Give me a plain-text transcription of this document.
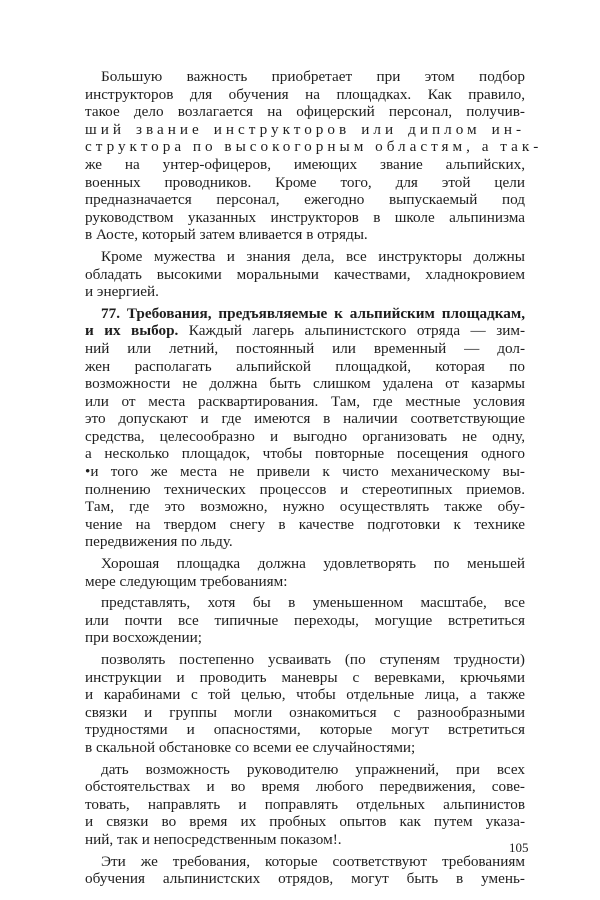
Большую важность приобретает при этом подбор
инструкторов для обучения на площадках. Как правило,
такое дело возлагается на офицерский персонал, получив-
ший звание инструкторов или диплом ин-
структора по высокогорным областям, а так-
же на унтер-офицеров, имеющих звание альпийских,
военных проводников. Кроме того, для этой цели
предназначается персонал, ежегодно выпускаемый под
руководством указанных инструкторов в школе альпинизма
в Аосте, который затем вливается в отряды.

Кроме мужества и знания дела, все инструкторы должны
обладать высокими моральными качествами, хладнокровием
и энергией.

77. Требования, предъявляемые к альпийским площадкам,
и их выбор. Каждый лагерь альпинистского отряда — зим-
ний или летний, постоянный или временный — дол-
жен располагать альпийской площадкой, которая по
возможности не должна быть слишком удалена от казармы
или от места расквартирования. Там, где местные условия
это допускают и где имеются в наличии соответствующие
средства, целесообразно и выгодно организовать не одну,
а несколько площадок, чтобы повторные посещения одного
•и того же места не привели к чисто механическому вы-
полнению технических процессов и стереотипных приемов.
Там, где это возможно, нужно осуществлять также обу-
чение на твердом снегу в качестве подготовки к технике
передвижения по льду.

Хорошая площадка должна удовлетворять по меньшей
мере следующим требованиям:

представлять, хотя бы в уменьшенном масштабе, все
или почти все типичные переходы, могущие встретиться
при восхождении;

позволять постепенно усваивать (по ступеням трудности)
инструкции и проводить маневры с веревками, крючьями
и карабинами с той целью, чтобы отдельные лица, а также
связки и группы могли ознакомиться с разнообразными
трудностями и опасностями, которые могут встретиться
в скальной обстановке со всеми ее случайностями;

дать возможность руководителю упражнений, при всех
обстоятельствах и во время любого передвижения, сове-
товать, направлять и поправлять отдельных альпинистов
и связки во время их пробных опытов как путем указа-
ний, так и непосредственным показом!.

Эти же требования, которые соответствуют требованиям
обучения альпинистских отрядов, могут быть в умень-

105
